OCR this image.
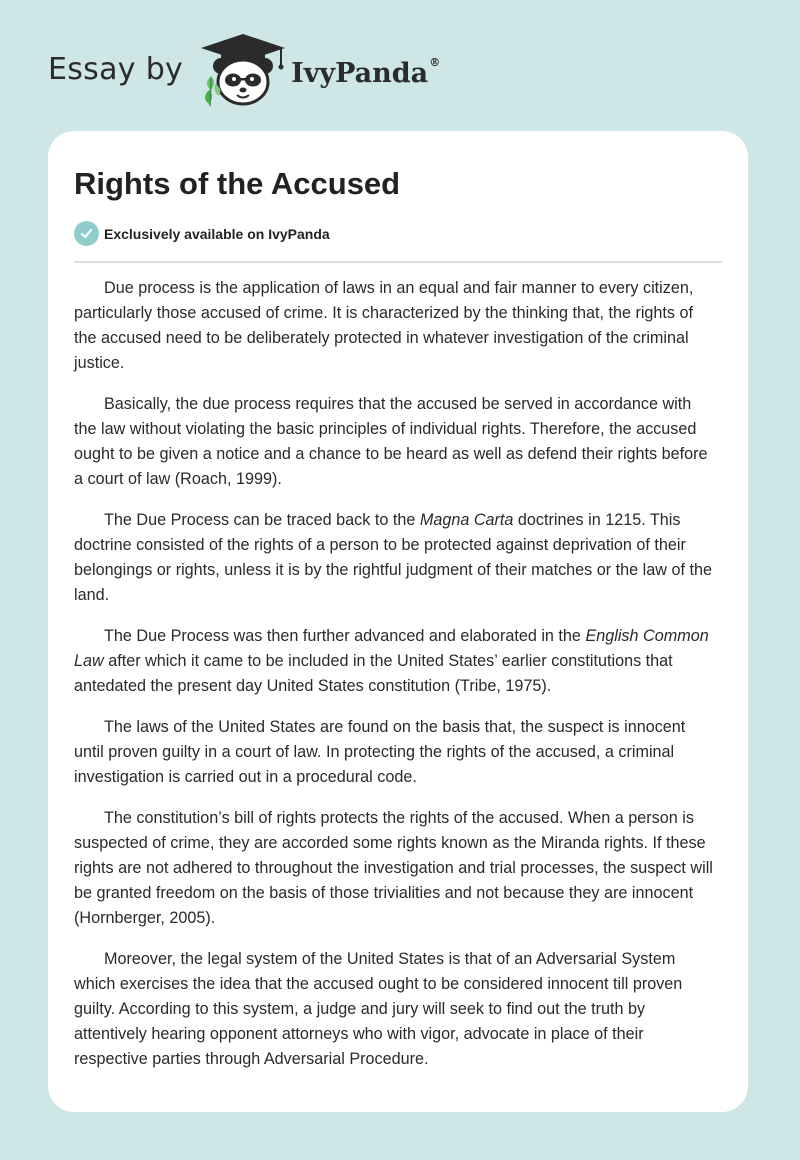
Essay by	IvyPanda®
Rights of the Accused
Exclusively available on IvyPanda

Due process is the application of laws in an equal and fair manner to every citizen, particularly those accused of crime. It is characterized by the thinking that, the rights of the accused need to be deliberately protected in whatever investigation of the criminal justice.

Basically, the due process requires that the accused be served in accordance with the law without violating the basic principles of individual rights. Therefore, the accused ought to be given a notice and a chance to be heard as well as defend their rights before a court of law (Roach, 1999).

The Due Process can be traced back to the Magna Carta doctrines in 1215. This doctrine consisted of the rights of a person to be protected against deprivation of their belongings or rights, unless it is by the rightful judgment of their matches or the law of the land.

The Due Process was then further advanced and elaborated in the English Common Law after which it came to be included in the United States’ earlier constitutions that antedated the present day United States constitution (Tribe, 1975).

The laws of the United States are found on the basis that, the suspect is innocent until proven guilty in a court of law. In protecting the rights of the accused, a criminal investigation is carried out in a procedural code.

The constitution’s bill of rights protects the rights of the accused. When a person is suspected of crime, they are accorded some rights known as the Miranda rights. If these rights are not adhered to throughout the investigation and trial processes, the suspect will be granted freedom on the basis of those trivialities and not because they are innocent (Hornberger, 2005).

Moreover, the legal system of the United States is that of an Adversarial System which exercises the idea that the accused ought to be considered innocent till proven guilty. According to this system, a judge and jury will seek to find out the truth by attentively hearing opponent attorneys who with vigor, advocate in place of their respective parties through Adversarial Procedure.
